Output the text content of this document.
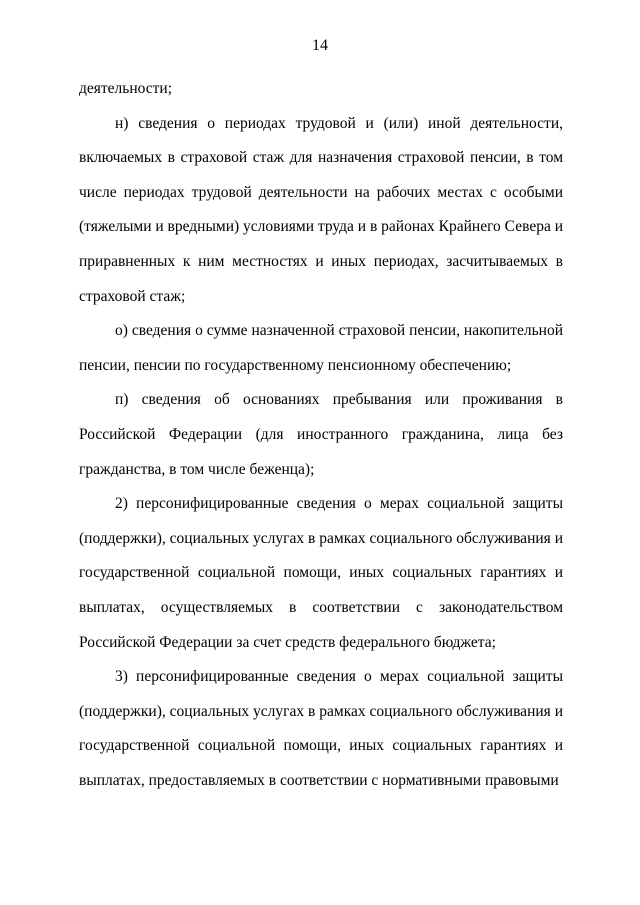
14

деятельности;

н) сведения о периодах трудовой и (или) иной деятельности, включаемых в страховой стаж для назначения страховой пенсии, в том числе периодах трудовой деятельности на рабочих местах с особыми (тяжелыми и вредными) условиями труда и в районах Крайнего Севера и приравненных к ним местностях и иных периодах, засчитываемых в страховой стаж;

о) сведения о сумме назначенной страховой пенсии, накопительной пенсии, пенсии по государственному пенсионному обеспечению;

п) сведения об основаниях пребывания или проживания в Российской Федерации (для иностранного гражданина, лица без гражданства, в том числе беженца);

2) персонифицированные сведения о мерах социальной защиты (поддержки), социальных услугах в рамках социального обслуживания и государственной социальной помощи, иных социальных гарантиях и выплатах, осуществляемых в соответствии с законодательством Российской Федерации за счет средств федерального бюджета;

3) персонифицированные сведения о мерах социальной защиты (поддержки), социальных услугах в рамках социального обслуживания и государственной социальной помощи, иных социальных гарантиях и выплатах, предоставляемых в соответствии с нормативными правовыми
